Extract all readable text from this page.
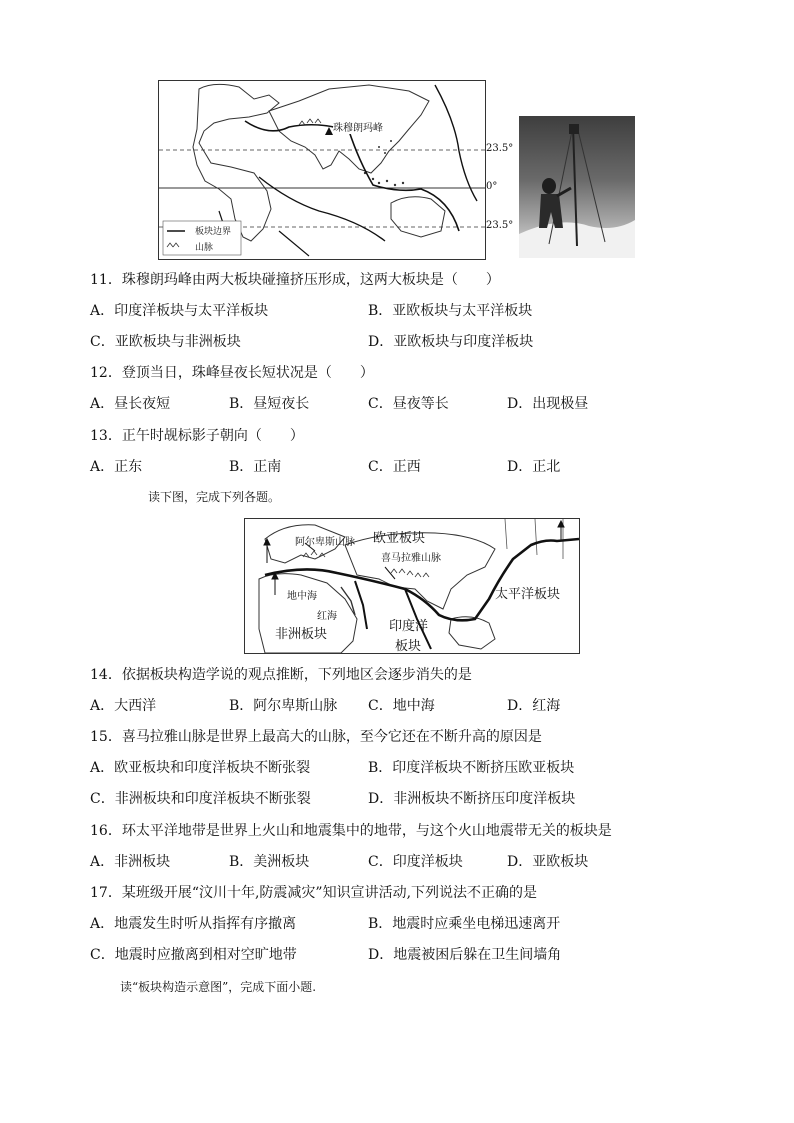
珠穆朗玛峰
板块边界
山脉
23.5°
0°
23.5°
11．珠穆朗玛峰由两大板块碰撞挤压形成，这两大板块是（　　）
A．印度洋板块与太平洋板块	B．亚欧板块与太平洋板块
C．亚欧板块与非洲板块	D．亚欧板块与印度洋板块
12．登顶当日，珠峰昼夜长短状况是（　　）
A．昼长夜短	B．昼短夜长	C．昼夜等长	D．出现极昼
13．正午时觇标影子朝向（　　）
A．正东	B．正南	C．正西	D．正北
读下图，完成下列各题。
阿尔卑斯山脉 欧亚板块
喜马拉雅山脉
地中海
红海
非洲板块
印度洋
板块
太平洋板块
14．依据板块构造学说的观点推断，下列地区会逐步消失的是
A．大西洋	B．阿尔卑斯山脉 C．地中海	D．红海
15．喜马拉雅山脉是世界上最高大的山脉，至今它还在不断升高的原因是
A．欧亚板块和印度洋板块不断张裂	B．印度洋板块不断挤压欧亚板块
C．非洲板块和印度洋板块不断张裂	D．非洲板块不断挤压印度洋板块
16．环太平洋地带是世界上火山和地震集中的地带，与这个火山地震带无关的板块是
A．非洲板块	B．美洲板块	C．印度洋板块	D．亚欧板块
17．某班级开展“汶川十年,防震减灾”知识宣讲活动,下列说法不正确的是
A．地震发生时听从指挥有序撤离	B．地震时应乘坐电梯迅速离开
C．地震时应撤离到相对空旷地带	D．地震被困后躲在卫生间墙角
读“板块构造示意图”，完成下面小题.
